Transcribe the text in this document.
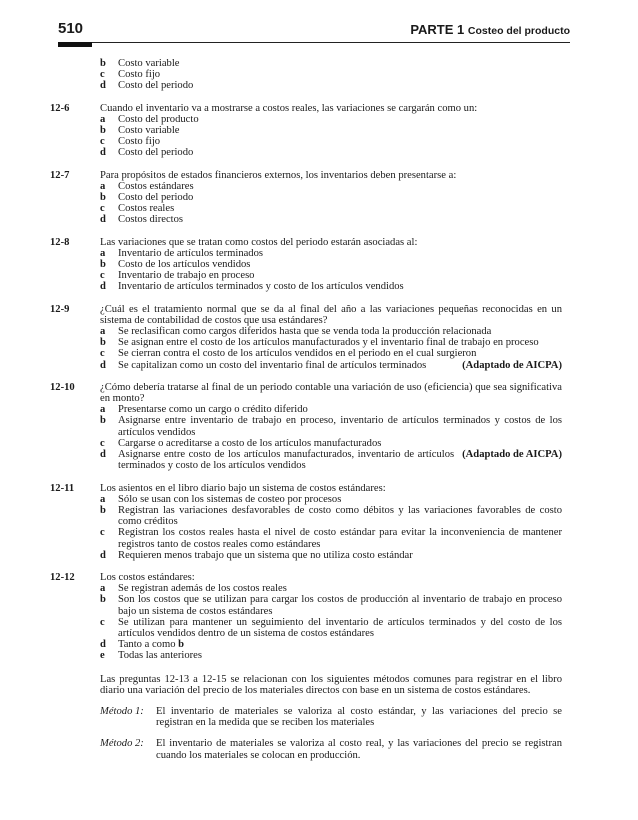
510	PARTE 1 Costeo del producto
b Costo variable
c Costo fijo
d Costo del periodo
12-6	Cuando el inventario va a mostrarse a costos reales, las variaciones se cargarán como un:
a Costo del producto
b Costo variable
c Costo fijo
d Costo del periodo
12-7	Para propósitos de estados financieros externos, los inventarios deben presentarse a:
a Costos estándares
b Costo del periodo
c Costos reales
d Costos directos
12-8	Las variaciones que se tratan como costos del periodo estarán asociadas al:
a Inventario de artículos terminados
b Costo de los artículos vendidos
c Inventario de trabajo en proceso
d Inventario de artículos terminados y costo de los artículos vendidos
12-9	¿Cuál es el tratamiento normal que se da al final del año a las variaciones pequeñas reconocidas en un sistema de contabilidad de costos que usa estándares?
a Se reclasifican como cargos diferidos hasta que se venda toda la producción relacionada
b Se asignan entre el costo de los artículos manufacturados y el inventario final de trabajo en proceso
c Se cierran contra el costo de los artículos vendidos en el periodo en el cual surgieron
d Se capitalizan como un costo del inventario final de artículos terminados	(Adaptado de AICPA)
12-10	¿Cómo debería tratarse al final de un periodo contable una variación de uso (eficiencia) que sea significativa en monto?
a Presentarse como un cargo o crédito diferido
b Asignarse entre inventario de trabajo en proceso, inventario de artículos terminados y costos de los artículos vendidos
c Cargarse o acreditarse a costo de los artículos manufacturados
d Asignarse entre costo de los artículos manufacturados, inventario de artículos terminados y costo de los artículos vendidos
(Adaptado de AICPA)
12-11	Los asientos en el libro diario bajo un sistema de costos estándares:
a Sólo se usan con los sistemas de costeo por procesos
b Registran las variaciones desfavorables de costo como débitos y las variaciones favorables de costo como créditos
c Registran los costos reales hasta el nivel de costo estándar para evitar la inconveniencia de mantener registros tanto de costos reales como estándares
d Requieren menos trabajo que un sistema que no utiliza costo estándar
12-12	Los costos estándares:
a Se registran además de los costos reales
b Son los costos que se utilizan para cargar los costos de producción al inventario de trabajo en proceso bajo un sistema de costos estándares
c Se utilizan para mantener un seguimiento del inventario de artículos terminados y del costo de los artículos vendidos dentro de un sistema de costos estándares
d Tanto a como b
e Todas las anteriores
Las preguntas 12-13 a 12-15 se relacionan con los siguientes métodos comunes para registrar en el libro diario una variación del precio de los materiales directos con base en un sistema de costos estándares.
Método 1: El inventario de materiales se valoriza al costo estándar, y las variaciones del precio se registran en la medida que se reciben los materiales
Método 2: El inventario de materiales se valoriza al costo real, y las variaciones del precio se registran cuando los materiales se colocan en producción.
